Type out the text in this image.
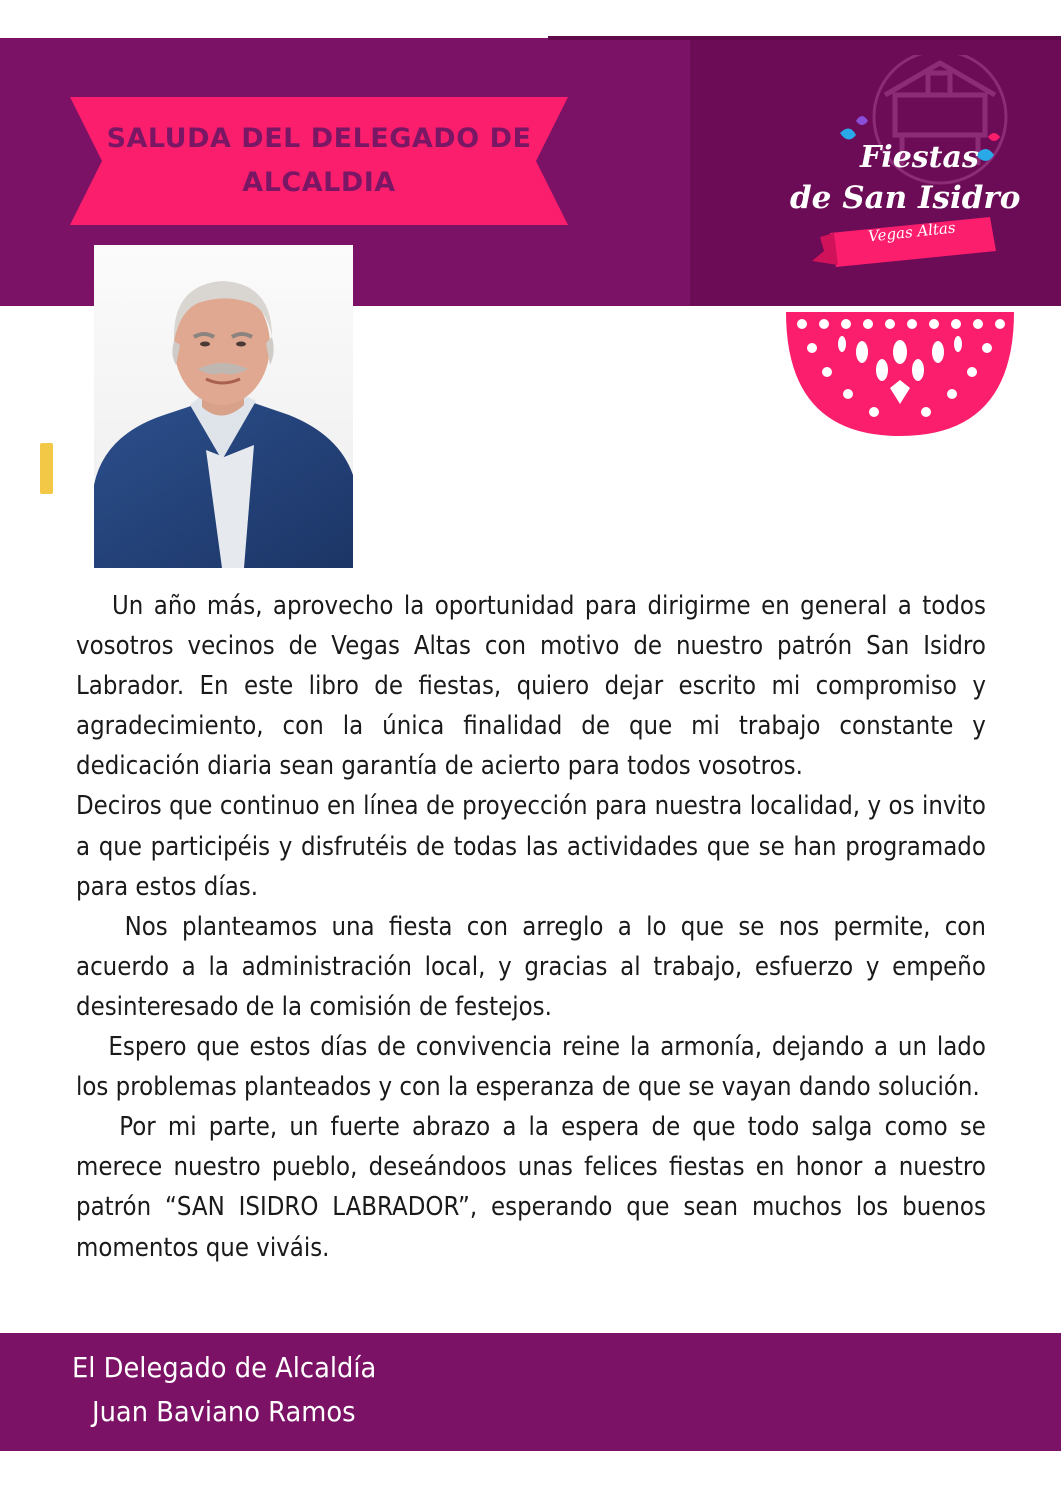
SALUDA DEL DELEGADO DE
ALCALDIA
Fiestas
de San Isidro
Vegas Altas

Un año más, aprovecho la oportunidad para dirigirme en general a todos vosotros vecinos de Vegas Altas con motivo de nuestro patrón San Isidro Labrador. En este libro de fiestas, quiero dejar escrito mi compromiso y agradecimiento, con la única finalidad de que mi trabajo constante y dedicación diaria sean garantía de acierto para todos vosotros.

Deciros que continuo en línea de proyección para nuestra localidad, y os invito a que participéis y disfrutéis de todas las actividades que se han programado para estos días.

Nos planteamos una fiesta con arreglo a lo que se nos permite, con acuerdo a la administración local, y gracias al trabajo, esfuerzo y empeño desinteresado de la comisión de festejos.

Espero que estos días de convivencia reine la armonía, dejando a un lado los problemas planteados y con la esperanza de que se vayan dando solución.

Por mi parte, un fuerte abrazo a la espera de que todo salga como se merece nuestro pueblo, deseándoos unas felices fiestas en honor a nuestro patrón “SAN ISIDRO LABRADOR”, esperando que sean muchos los buenos momentos que viváis.

El Delegado de Alcaldía
Juan Baviano Ramos
